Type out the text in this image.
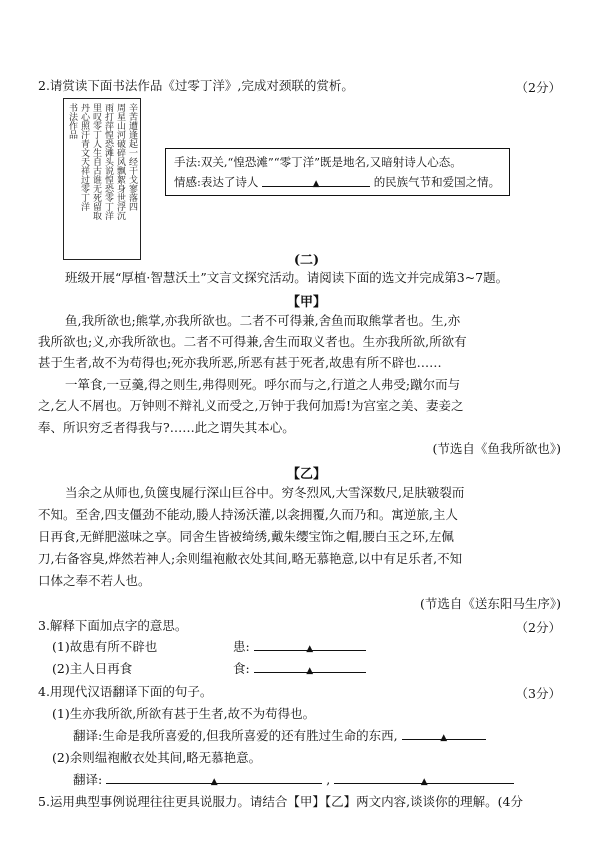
2.请赏读下面书法作品《过零丁洋》,完成对颈联的赏析。	（2分）
辛苦遭逢起一经干戈寥落四
周星山河破碎风飘絮身世浮沉
雨打萍惶恐滩头说惶恐零丁洋
里叹零丁人生自古谁无死留取
丹心照汗青文天祥过零丁洋
书法作品
手法:双关,“惶恐滩”“零丁洋”既是地名,又暗射诗人心态。
情感:表达了诗人	▲	的民族气节和爱国之情。
(二)
班级开展“厚植·智慧沃土”文言文探究活动。请阅读下面的选文并完成第3~7题。
【甲】
鱼,我所欲也;熊掌,亦我所欲也。二者不可得兼,舍鱼而取熊掌者也。生,亦
我所欲也;义,亦我所欲也。二者不可得兼,舍生而取义者也。生亦我所欲,所欲有
甚于生者,故不为苟得也;死亦我所恶,所恶有甚于死者,故患有所不辟也……
一箪食,一豆羹,得之则生,弗得则死。呼尔而与之,行道之人弗受;蹴尔而与
之,乞人不屑也。万钟则不辩礼义而受之,万钟于我何加焉!为宫室之美、妻妾之
奉、所识穷乏者得我与?……此之谓失其本心。
(节选自《鱼我所欲也》)
【乙】
当余之从师也,负箧曳屣行深山巨谷中。穷冬烈风,大雪深数尺,足肤皲裂而
不知。至舍,四支僵劲不能动,媵人持汤沃灌,以衾拥覆,久而乃和。寓逆旅,主人
日再食,无鲜肥滋味之享。同舍生皆被绮绣,戴朱缨宝饰之帽,腰白玉之环,左佩
刀,右备容臭,烨然若神人;余则缊袍敝衣处其间,略无慕艳意,以中有足乐者,不知
口体之奉不若人也。
(节选自《送东阳马生序》)
3.解释下面加点字的意思。	（2分）
(1)故患有所不辟也	患:	▲
(2)主人日再食	食:	▲
4.用现代汉语翻译下面的句子。	（3分）
(1)生亦我所欲,所欲有甚于生者,故不为苟得也。
翻译:生命是我所喜爱的,但我所喜爱的还有胜过生命的东西,	▲
(2)余则缊袍敝衣处其间,略无慕艳意。
翻译:	▲	,	▲
5.运用典型事例说理往往更具说服力。请结合【甲】【乙】两文内容,谈谈你的理解。(4分
